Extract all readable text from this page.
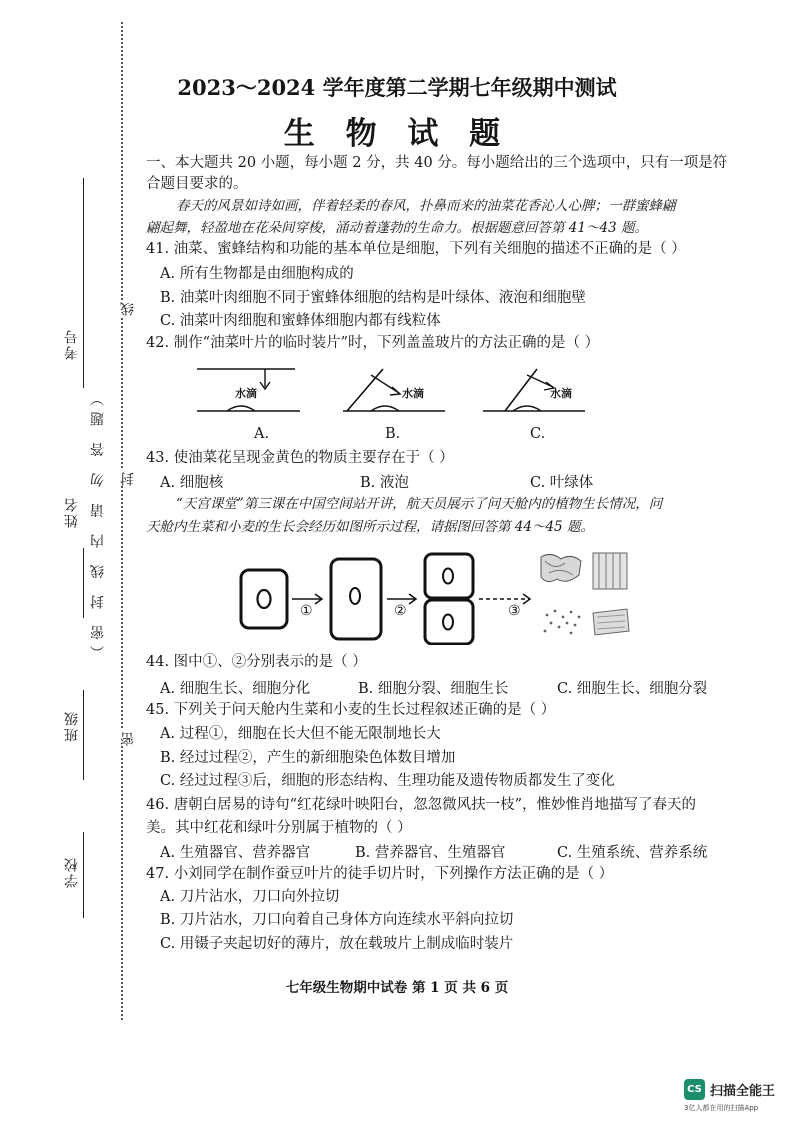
考号
姓名
班级
学校
（密 封 线 内 请 勿 答 题）
线
封
密
2023～2024 学年度第二学期七年级期中测试
生 物 试 题
一、本大题共 20 小题，每小题 2 分，共 40 分。每小题给出的三个选项中，只有一项是符
合题目要求的。
春天的风景如诗如画，伴着轻柔的春风，扑鼻而来的油菜花香沁人心脾；一群蜜蜂翩
翩起舞，轻盈地在花朵间穿梭，涌动着蓬勃的生命力。根据题意回答第 41～43 题。
41. 油菜、蜜蜂结构和功能的基本单位是细胞，下列有关细胞的描述不正确的是（ ）
A. 所有生物都是由细胞构成的
B. 油菜叶肉细胞不同于蜜蜂体细胞的结构是叶绿体、液泡和细胞壁
C. 油菜叶肉细胞和蜜蜂体细胞内都有线粒体
42. 制作“油菜叶片的临时装片”时，下列盖盖玻片的方法正确的是（ ）
水滴	水滴	水滴
A.	B.	C.
43. 使油菜花呈现金黄色的物质主要存在于（ ）
A. 细胞核	B. 液泡	C. 叶绿体
“天宫课堂”第三课在中国空间站开讲，航天员展示了问天舱内的植物生长情况，问
天舱内生菜和小麦的生长会经历如图所示过程，请据图回答第 44～45 题。
①	②	③
44. 图中①、②分别表示的是（ ）
A. 细胞生长、细胞分化	B. 细胞分裂、细胞生长	C. 细胞生长、细胞分裂
45. 下列关于问天舱内生菜和小麦的生长过程叙述正确的是（ ）
A. 过程①，细胞在长大但不能无限制地长大
B. 经过过程②，产生的新细胞染色体数目增加
C. 经过过程③后，细胞的形态结构、生理功能及遗传物质都发生了变化
46. 唐朝白居易的诗句“红花绿叶映阳台，忽忽微风扶一枝”，惟妙惟肖地描写了春天的
美。其中红花和绿叶分别属于植物的（ ）
A. 生殖器官、营养器官	B. 营养器官、生殖器官	C. 生殖系统、营养系统
47. 小刘同学在制作蚕豆叶片的徒手切片时，下列操作方法正确的是（ ）
A. 刀片沾水，刀口向外拉切
B. 刀片沾水，刀口向着自己身体方向连续水平斜向拉切
C. 用镊子夹起切好的薄片，放在载玻片上制成临时装片
七年级生物期中试卷 第 1 页 共 6 页
CS 扫描全能王
3亿人都在用的扫描App
